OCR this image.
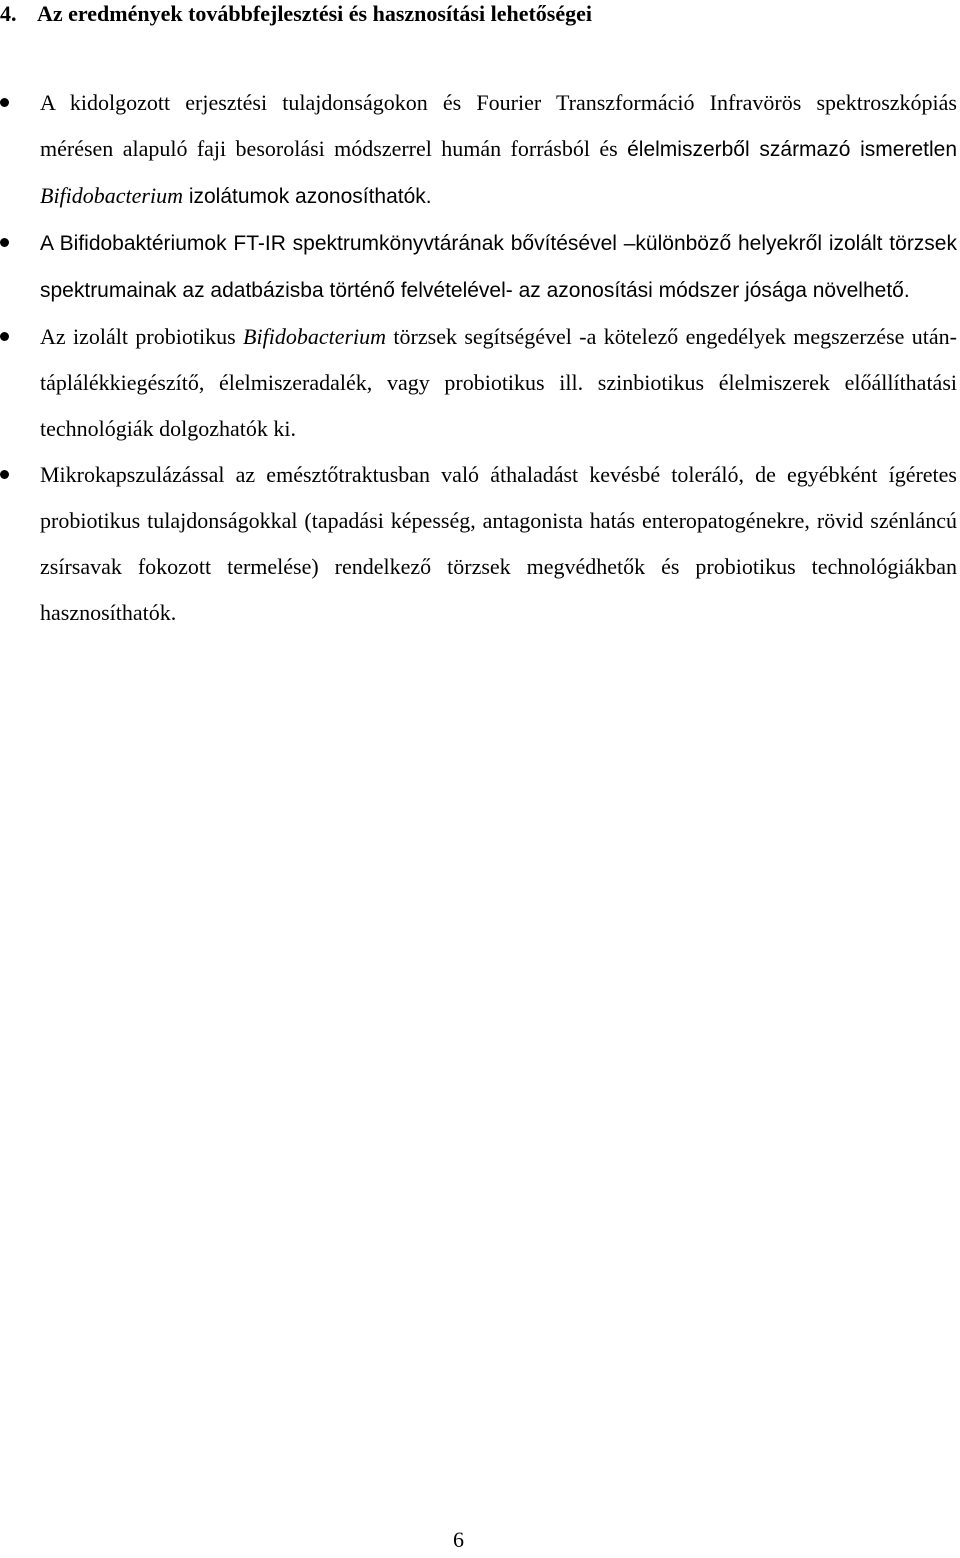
4. Az eredmények továbbfejlesztési és hasznosítási lehetőségei
A kidolgozott erjesztési tulajdonságokon és Fourier Transzformáció Infravörös spektroszkópiás mérésen alapuló faji besorolási módszerrel humán forrásból és élelmiszerből származó ismeretlen Bifidobacterium izolátumok azonosíthatók.
A Bifidobaktériumok FT-IR spektrumkönyvtárának bővítésével –különböző helyekről izolált törzsek spektrumainak az adatbázisba történő felvételével- az azonosítási módszer jósága növelhető.
Az izolált probiotikus Bifidobacterium törzsek segítségével -a kötelező engedélyek megszerzése után- táplálékkiegészítő, élelmiszeradalék, vagy probiotikus ill. szinbiotikus élelmiszerek előállíthatási technológiák dolgozhatók ki.
Mikrokapszulázással az emésztőtraktusban való áthaladást kevésbé toleráló, de egyébként ígéretes probiotikus tulajdonságokkal (tapadási képesség, antagonista hatás enteropatogénekre, rövid szénláncú zsírsavak fokozott termelése) rendelkező törzsek megvédhetők és probiotikus technológiákban hasznosíthatók.
6
